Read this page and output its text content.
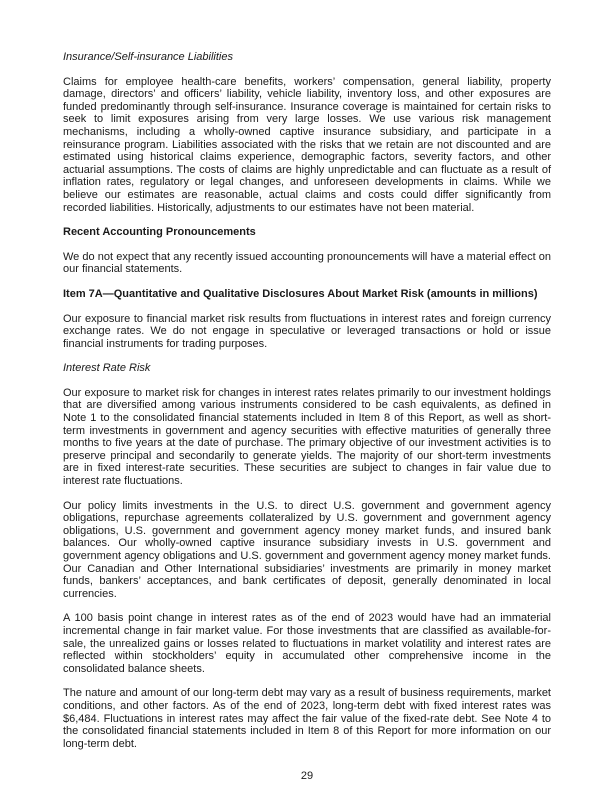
Insurance/Self-insurance Liabilities

Claims for employee health-care benefits, workers’ compensation, general liability, property damage, directors’ and officers’ liability, vehicle liability, inventory loss, and other exposures are funded predominantly through self-insurance. Insurance coverage is maintained for certain risks to seek to limit exposures arising from very large losses. We use various risk management mechanisms, including a wholly-owned captive insurance subsidiary, and participate in a reinsurance program. Liabilities associated with the risks that we retain are not discounted and are estimated using historical claims experience, demographic factors, severity factors, and other actuarial assumptions. The costs of claims are highly unpredictable and can fluctuate as a result of inflation rates, regulatory or legal changes, and unforeseen developments in claims. While we believe our estimates are reasonable, actual claims and costs could differ significantly from recorded liabilities. Historically, adjustments to our estimates have not been material.

Recent Accounting Pronouncements

We do not expect that any recently issued accounting pronouncements will have a material effect on our financial statements.

Item 7A—Quantitative and Qualitative Disclosures About Market Risk (amounts in millions)

Our exposure to financial market risk results from fluctuations in interest rates and foreign currency exchange rates. We do not engage in speculative or leveraged transactions or hold or issue financial instruments for trading purposes.

Interest Rate Risk

Our exposure to market risk for changes in interest rates relates primarily to our investment holdings that are diversified among various instruments considered to be cash equivalents, as defined in Note 1 to the consolidated financial statements included in Item 8 of this Report, as well as short-term investments in government and agency securities with effective maturities of generally three months to five years at the date of purchase. The primary objective of our investment activities is to preserve principal and secondarily to generate yields. The majority of our short-term investments are in fixed interest-rate securities. These securities are subject to changes in fair value due to interest rate fluctuations.

Our policy limits investments in the U.S. to direct U.S. government and government agency obligations, repurchase agreements collateralized by U.S. government and government agency obligations, U.S. government and government agency money market funds, and insured bank balances. Our wholly-owned captive insurance subsidiary invests in U.S. government and government agency obligations and U.S. government and government agency money market funds. Our Canadian and Other International subsidiaries’ investments are primarily in money market funds, bankers’ acceptances, and bank certificates of deposit, generally denominated in local currencies.

A 100 basis point change in interest rates as of the end of 2023 would have had an immaterial incremental change in fair market value. For those investments that are classified as available-for-sale, the unrealized gains or losses related to fluctuations in market volatility and interest rates are reflected within stockholders’ equity in accumulated other comprehensive income in the consolidated balance sheets.

The nature and amount of our long-term debt may vary as a result of business requirements, market conditions, and other factors. As of the end of 2023, long-term debt with fixed interest rates was $6,484. Fluctuations in interest rates may affect the fair value of the fixed-rate debt. See Note 4 to the consolidated financial statements included in Item 8 of this Report for more information on our long-term debt.

29
